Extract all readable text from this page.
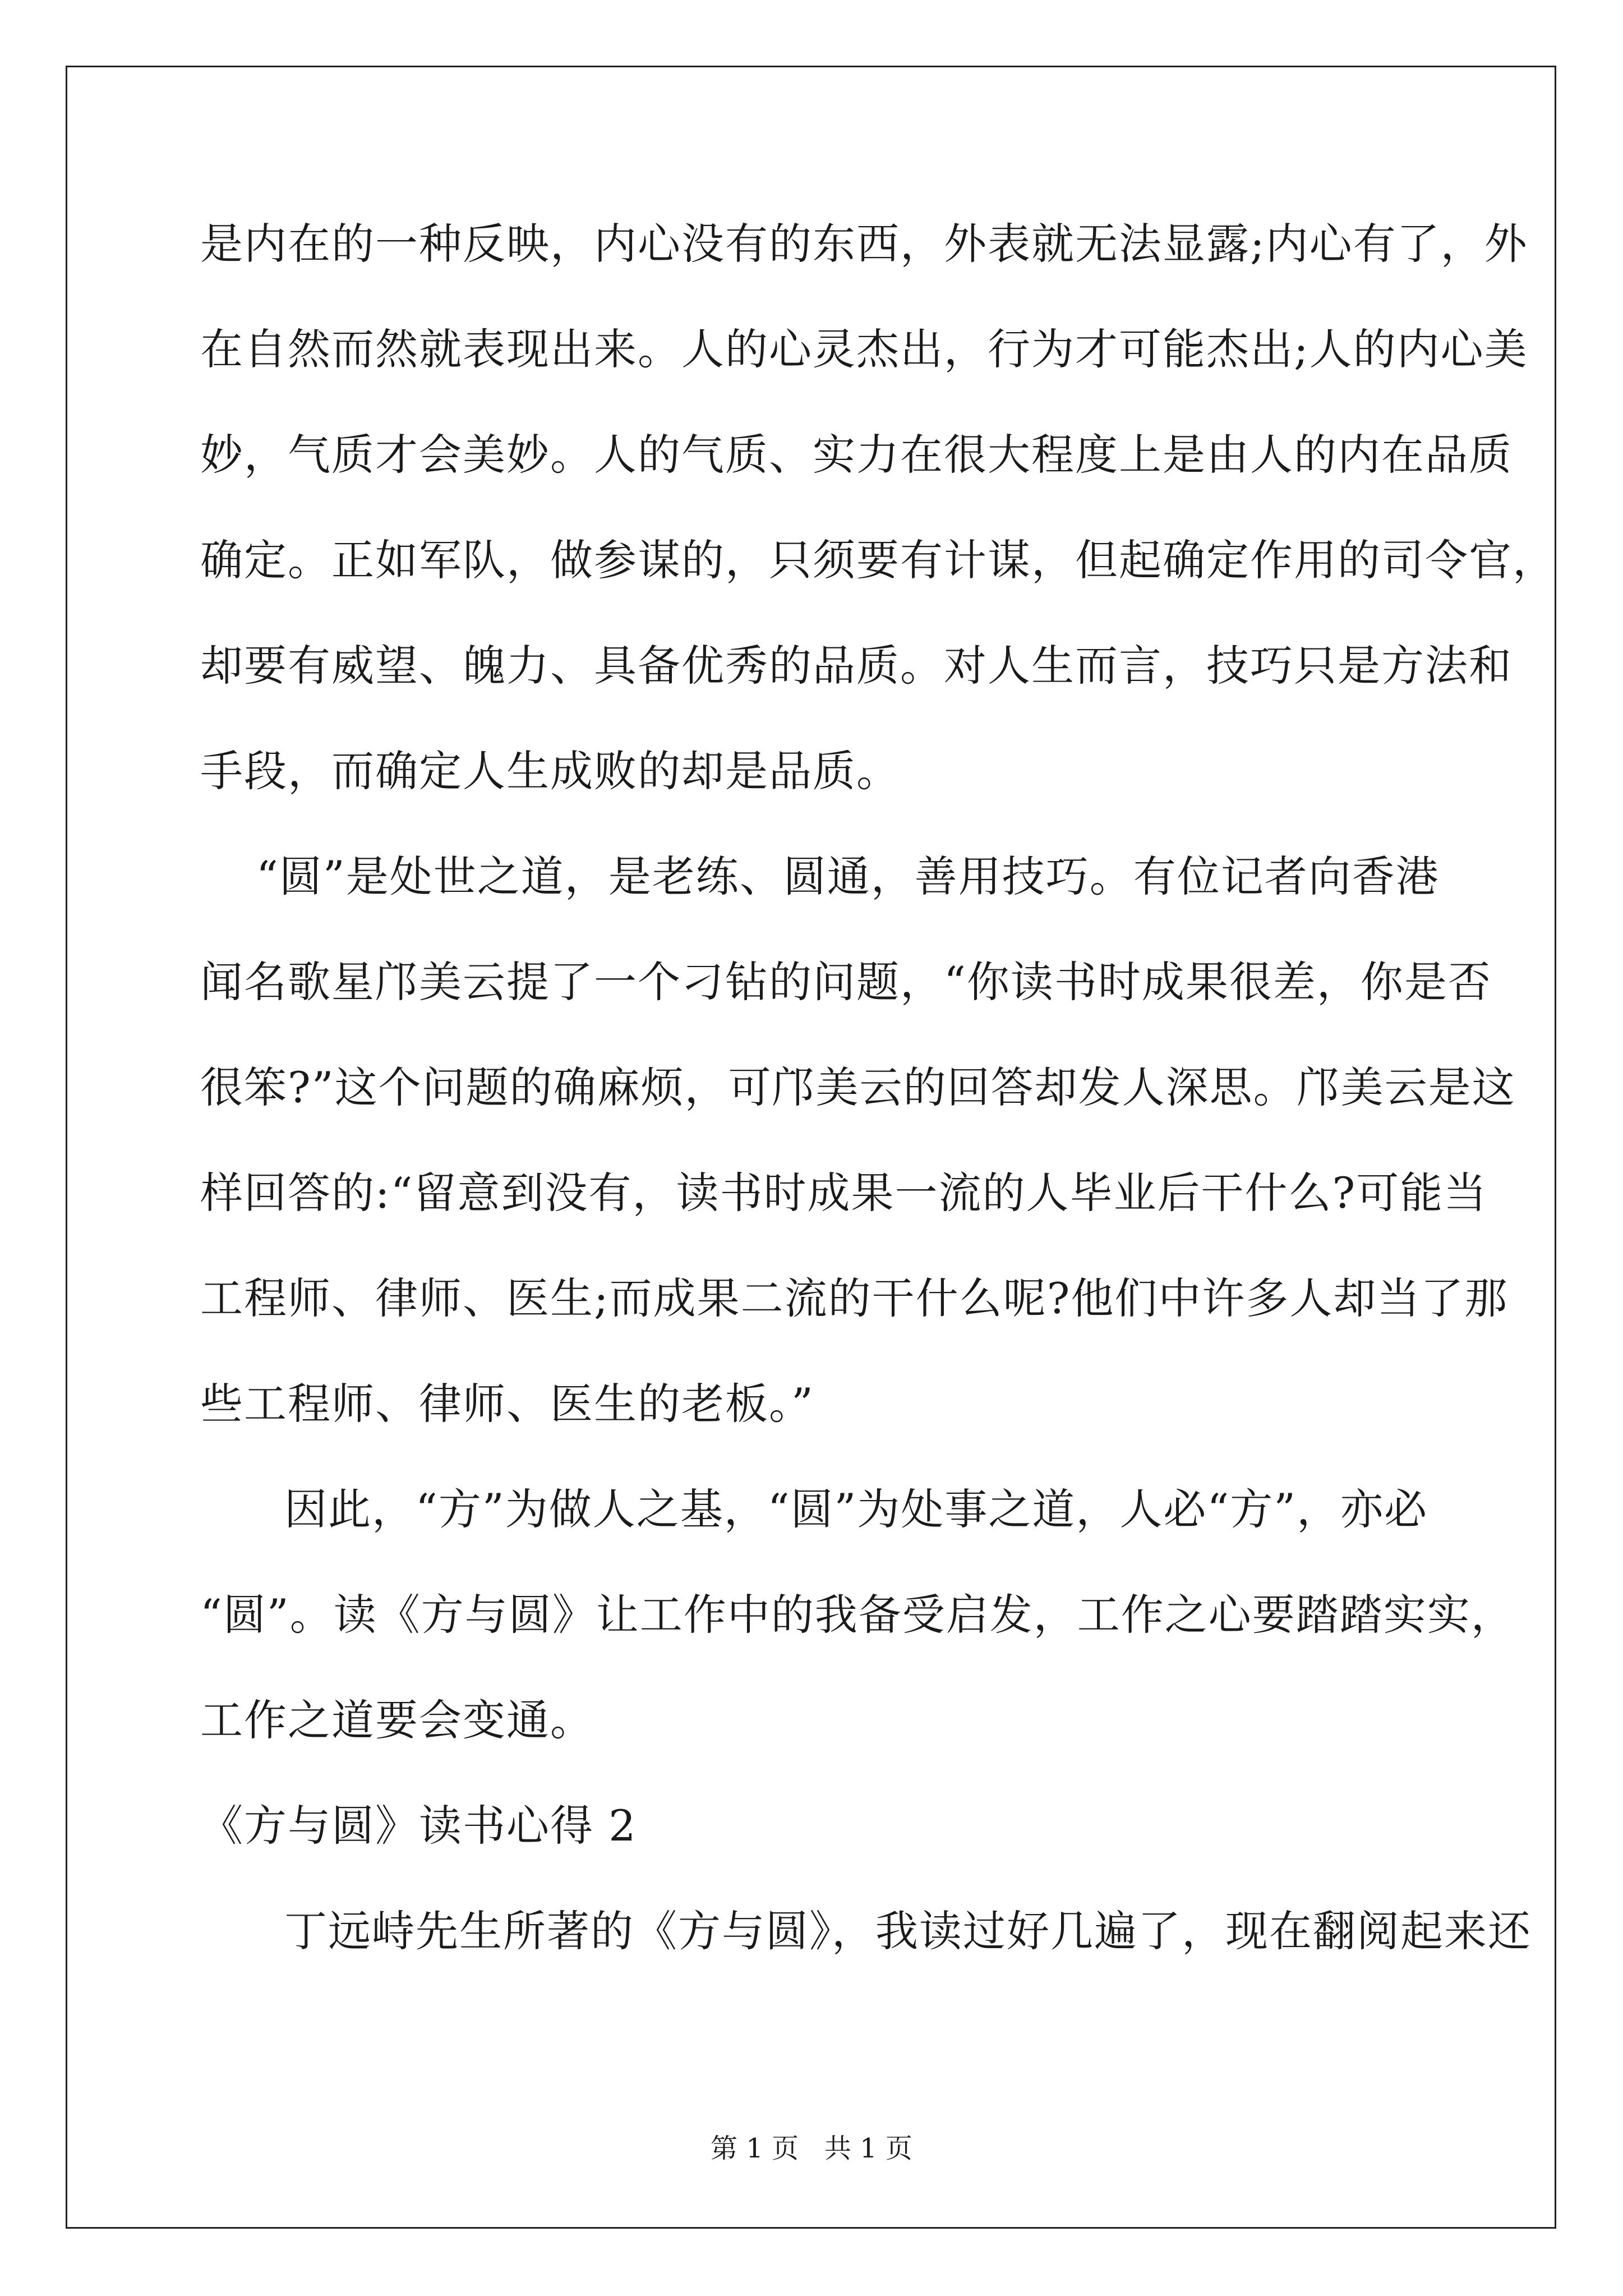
是内在的一种反映，内心没有的东西，外表就无法显露;内心有了，外
在自然而然就表现出来。人的心灵杰出，行为才可能杰出;人的内心美
妙，气质才会美妙。人的气质、实力在很大程度上是由人的内在品质
确定。正如军队，做参谋的，只须要有计谋，但起确定作用的司令官，
却要有威望、魄力、具备优秀的品质。对人生而言，技巧只是方法和
手段，而确定人生成败的却是品质。
“圆”是处世之道，是老练、圆通，善用技巧。有位记者向香港
闻名歌星邝美云提了一个刁钻的问题，“你读书时成果很差，你是否
很笨?”这个问题的确麻烦，可邝美云的回答却发人深思。邝美云是这
样回答的:“留意到没有，读书时成果一流的人毕业后干什么?可能当
工程师、律师、医生;而成果二流的干什么呢?他们中许多人却当了那
些工程师、律师、医生的老板。”
因此，“方”为做人之基，“圆”为处事之道，人必“方”，亦必
“圆”。读《方与圆》让工作中的我备受启发，工作之心要踏踏实实，
工作之道要会变通。
《方与圆》读书心得 2
丁远峙先生所著的《方与圆》，我读过好几遍了，现在翻阅起来还
第 1 页   共 1 页
